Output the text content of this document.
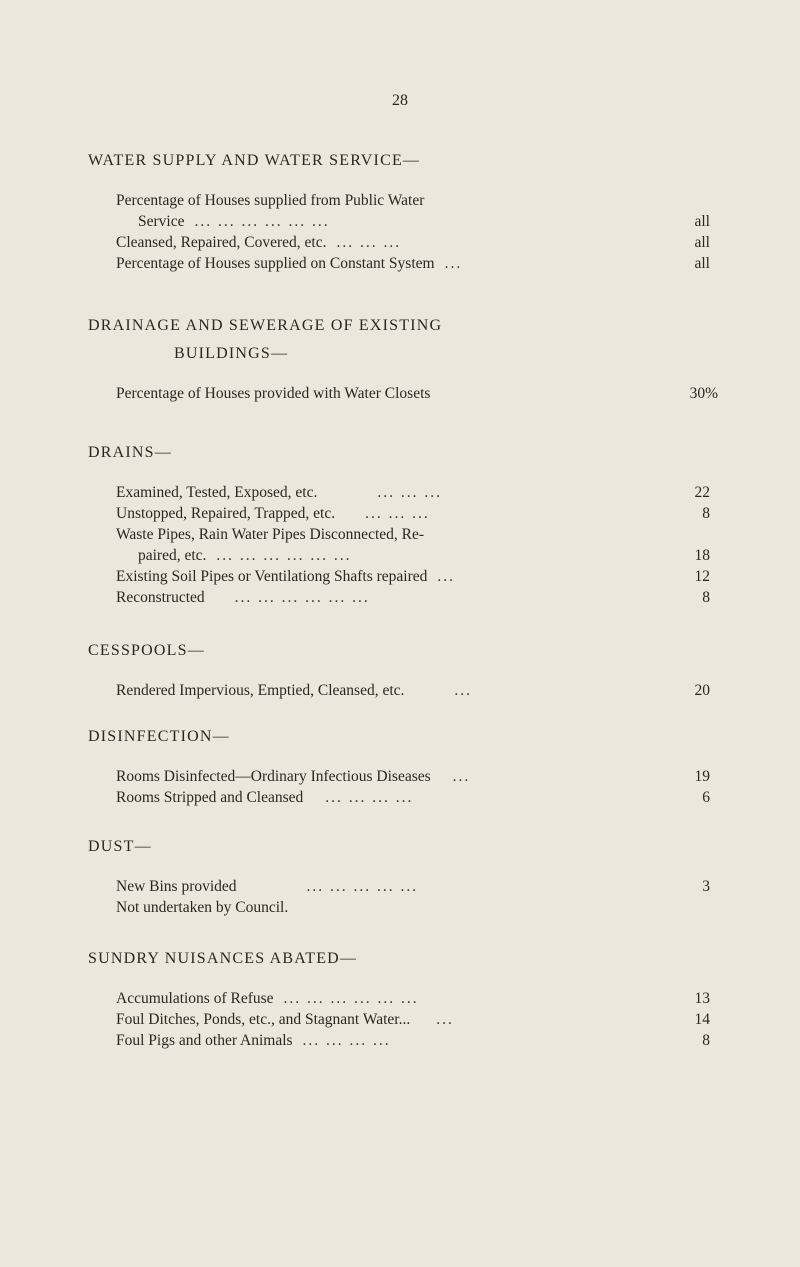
28
WATER SUPPLY AND WATER SERVICE—
Percentage of Houses supplied from Public Water
Service ... ... ... ... ... ...	all
Cleansed, Repaired, Covered, etc. ... ... ...	all
Percentage of Houses supplied on Constant System ...	all
DRAINAGE AND SEWERAGE OF EXISTING
BUILDINGS—
Percentage of Houses provided with Water Closets	30%
DRAINS—
Examined, Tested, Exposed, etc.	... ... ...	22
Unstopped, Repaired, Trapped, etc. ... ... ...	8
Waste Pipes, Rain Water Pipes Disconnected, Re-
paired, etc. ... ... ... ... ... ...	18
Existing Soil Pipes or Ventilationg Shafts repaired ...	12
Reconstructed ... ... ... ... ... ...	8
CESSPOOLS—
Rendered Impervious, Emptied, Cleansed, etc.	...	20
DISINFECTION—
Rooms Disinfected—Ordinary Infectious Diseases ...	19
Rooms Stripped and Cleansed ... ... ... ...	6
DUST—
New Bins provided	... ... ... ... ...	3
Not undertaken by Council.
SUNDRY NUISANCES ABATED—
Accumulations of Refuse ... ... ... ... ... ...	13
Foul Ditches, Ponds, etc., and Stagnant Water... ...	14
Foul Pigs and other Animals ... ... ... ...	8
